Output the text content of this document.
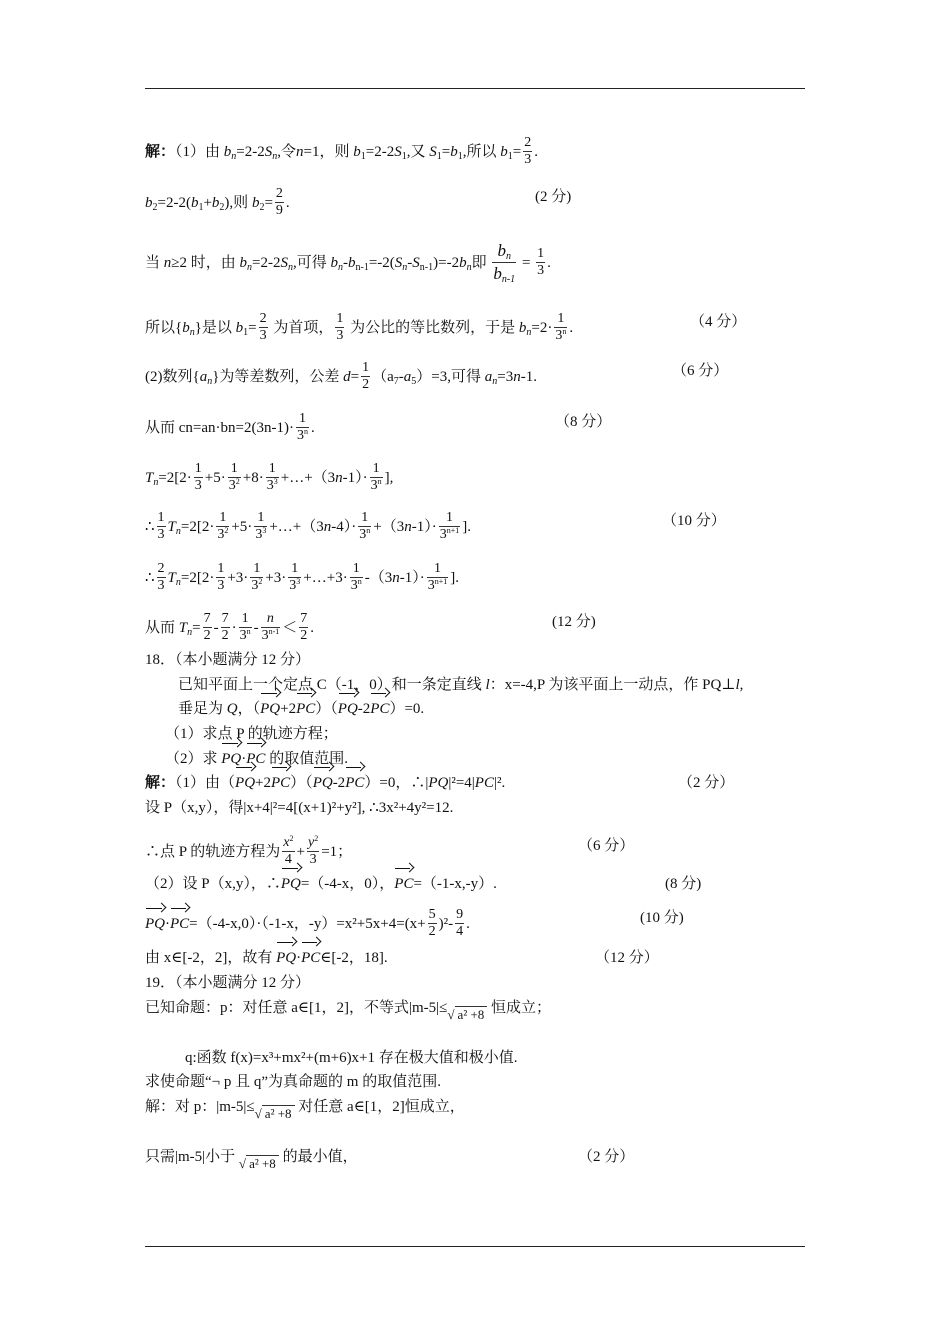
解：（1）由 $b_n=2-2S_n$,令n=1，则 $b_1=2-2S_1$,又 $S_1=b_1$,所以 $b_1= \frac{2}{3}$ .
$b_2=2-2(b_1+b_2)$,则 $b_2= \frac{2}{9}$ .	(2 分)
当 n≥2 时，由 $b_n=2-2S_n$,可得 $b_n-b_{n-1}=-2(S_n-S_{n-1})=-2b_n$即 $\frac{b_n}{b_{n-1}} = \frac{1}{3}$ .
所以$\{b_n\}$是以 $b_1= \frac{2}{3}$ 为首项， $\frac{1}{3}$ 为公比的等比数列，于是 $b_n=2\cdot \frac{1}{3^n}$ .	（4 分）
(2)数列$\{a_n\}$为等差数列，公差 $d= \frac{1}{2} (a_7-a_5)=3$,可得 $a_n=3n-1$.	（6 分）
从而 $cn=an\cdot bn=2(3n-1)\cdot \frac{1}{3^n}$ .	（8 分）
$T_n=2[2\cdot \frac{1}{3} +5\cdot \frac{1}{3^2} +8\cdot \frac{1}{3^3}$ +…+（3n-1）· $\frac{1}{3^n}$ ],
∴ $\frac{1}{3} T_n=2[2\cdot \frac{1}{3^2} +5\cdot \frac{1}{3^3}$ +…+（3n-4）· $\frac{1}{3^n} +(3n-1)\cdot \frac{1}{3^{n+1}}$ ].	（10 分）
∴ $\frac{2}{3} T_n=2[2\cdot \frac{1}{3} +3\cdot \frac{1}{3^2} +3\cdot \frac{1}{3^3}$ +…+3· $\frac{1}{3^n} -(3n-1)\cdot \frac{1}{3^{n+1}}$ ].
从而 $T_n= \frac{7}{2} - \frac{7}{2} \cdot \frac{1}{3^n} - \frac{n}{3^{n-1}} < \frac{7}{2}$ .	(12 分)
18．（本小题满分 12 分）
已知平面上一个定点 C（-1，0）和一条定直线 l：x=-4,P 为该平面上一动点，作 PQ⊥l,
垂足为 Q，（PQ+2PC）（PQ-2PC）=0.
（1）求点 P 的轨迹方程；
（2）求 PQ·PC 的取值范围.
解：（1）由（PQ+2PC）（PQ-2PC）=0，∴|PQ|²=4|PC|².	（2 分）
设 P（x,y），得|x+4|²=4[(x+1)²+y²], ∴3x²+4y²=12.
∴点 P 的轨迹方程为 $\frac{x^2}{4} + \frac{y^2}{3} =1$；	（6 分）
（2）设 P（x,y），∴PQ=（-4-x，0），PC=（-1-x,-y）.	(8 分)
PQ·PC=（-4-x,0）·（-1-x，$-y)=x^2+5x+4=(x+ \frac{5}{2} )^2- \frac{9}{4}$ .	(10 分)
由 x∈[-2，2]，故有 PQ·PC∈[-2，18].	（12 分）
19．（本小题满分 12 分）
已知命题：p：对任意 a∈[1，2]，不等式|m-5|≤√ a² +8 恒成立；
q:函数 f(x)=x³+mx²+(m+6)x+1 存在极大值和极小值.
求使命题“¬ p 且 q”为真命题的 m 的取值范围.
解：对 p：|m-5|≤√ a² +8 对任意 a∈[1，2]恒成立，
只需|m-5|小于 √ a² +8 的最小值，	（2 分）
